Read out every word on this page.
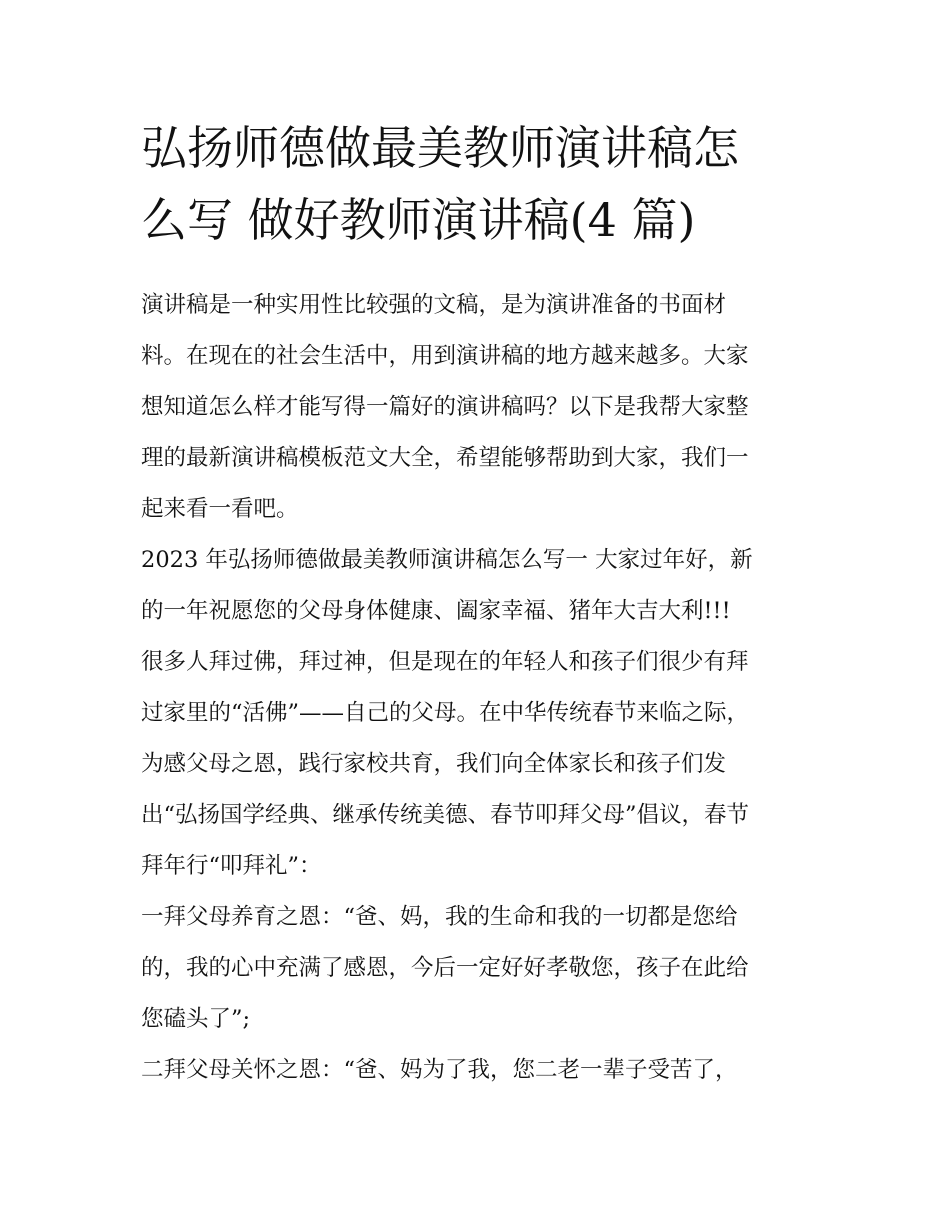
弘扬师德做最美教师演讲稿怎
么写 做好教师演讲稿(4 篇)
演讲稿是一种实用性比较强的文稿，是为演讲准备的书面材
料。在现在的社会生活中，用到演讲稿的地方越来越多。大家
想知道怎么样才能写得一篇好的演讲稿吗？以下是我帮大家整
理的最新演讲稿模板范文大全，希望能够帮助到大家，我们一
起来看一看吧。
2023 年弘扬师德做最美教师演讲稿怎么写一 大家过年好，新
的一年祝愿您的父母身体健康、阖家幸福、猪年大吉大利!!!
很多人拜过佛，拜过神，但是现在的年轻人和孩子们很少有拜
过家里的“活佛”——自己的父母。在中华传统春节来临之际，
为感父母之恩，践行家校共育，我们向全体家长和孩子们发
出“弘扬国学经典、继承传统美德、春节叩拜父母”倡议，春节
拜年行“叩拜礼”：
一拜父母养育之恩：“爸、妈，我的生命和我的一切都是您给
的，我的心中充满了感恩，今后一定好好孝敬您，孩子在此给
您磕头了”;
二拜父母关怀之恩：“爸、妈为了我，您二老一辈子受苦了，
